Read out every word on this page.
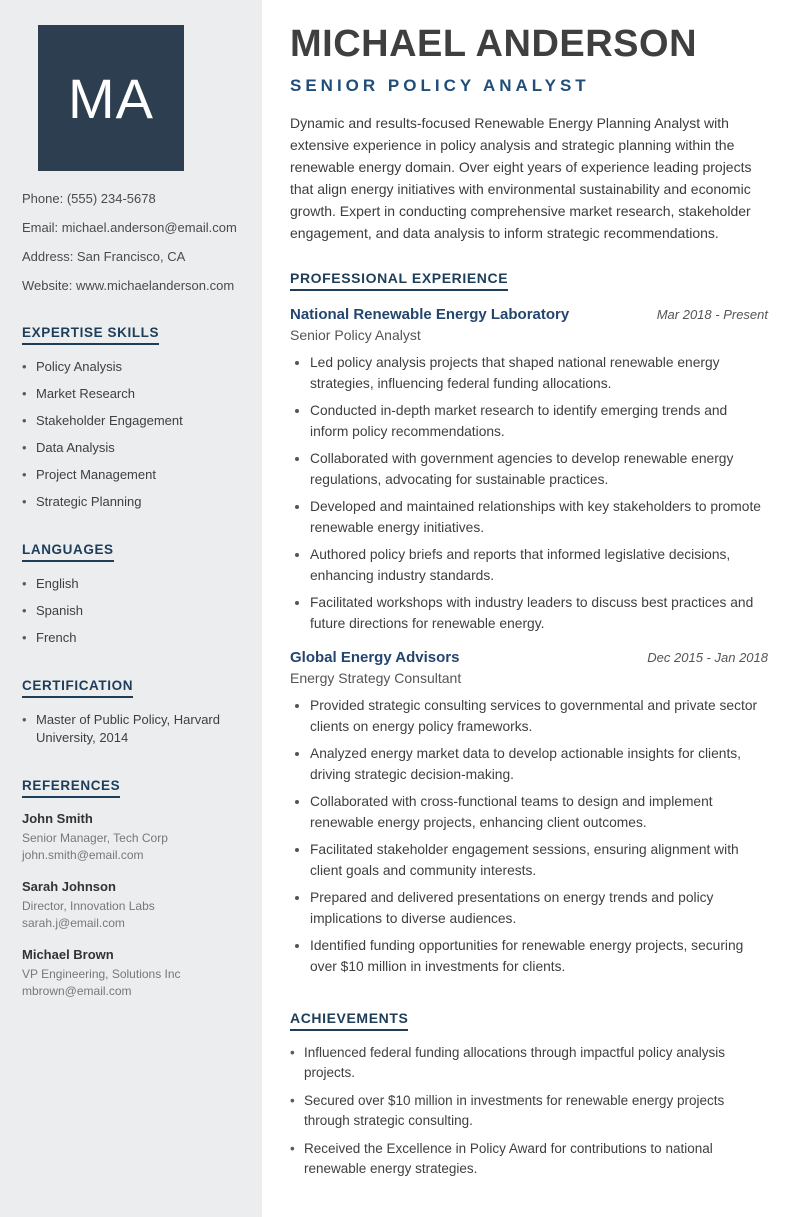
MA

Phone: (555) 234-5678

Email: michael.anderson@email.com

Address: San Francisco, CA

Website: www.michaelanderson.com

EXPERTISE SKILLS
• Policy Analysis
• Market Research
• Stakeholder Engagement
• Data Analysis
• Project Management
• Strategic Planning
LANGUAGES
• English
• Spanish
• French
CERTIFICATION
• Master of Public Policy, Harvard University, 2014
REFERENCES
John Smith
Senior Manager, Tech Corp
john.smith@email.com
Sarah Johnson
Director, Innovation Labs
sarah.j@email.com
Michael Brown
VP Engineering, Solutions Inc
mbrown@email.com
MICHAEL ANDERSON
SENIOR POLICY ANALYST

Dynamic and results-focused Renewable Energy Planning Analyst with extensive experience in policy analysis and strategic planning within the renewable energy domain. Over eight years of experience leading projects that align energy initiatives with environmental sustainability and economic growth. Expert in conducting comprehensive market research, stakeholder engagement, and data analysis to inform strategic recommendations.

PROFESSIONAL EXPERIENCE
National Renewable Energy Laboratory	Mar 2018 - Present
Senior Policy Analyst
• Led policy analysis projects that shaped national renewable energy strategies, influencing federal funding allocations.
• Conducted in-depth market research to identify emerging trends and inform policy recommendations.
• Collaborated with government agencies to develop renewable energy regulations, advocating for sustainable practices.
• Developed and maintained relationships with key stakeholders to promote renewable energy initiatives.
• Authored policy briefs and reports that informed legislative decisions, enhancing industry standards.
• Facilitated workshops with industry leaders to discuss best practices and future directions for renewable energy.
Global Energy Advisors	Dec 2015 - Jan 2018
Energy Strategy Consultant
• Provided strategic consulting services to governmental and private sector clients on energy policy frameworks.
• Analyzed energy market data to develop actionable insights for clients, driving strategic decision-making.
• Collaborated with cross-functional teams to design and implement renewable energy projects, enhancing client outcomes.
• Facilitated stakeholder engagement sessions, ensuring alignment with client goals and community interests.
• Prepared and delivered presentations on energy trends and policy implications to diverse audiences.
• Identified funding opportunities for renewable energy projects, securing over $10 million in investments for clients.
ACHIEVEMENTS
• Influenced federal funding allocations through impactful policy analysis projects.
• Secured over $10 million in investments for renewable energy projects through strategic consulting.
• Received the Excellence in Policy Award for contributions to national renewable energy strategies.
